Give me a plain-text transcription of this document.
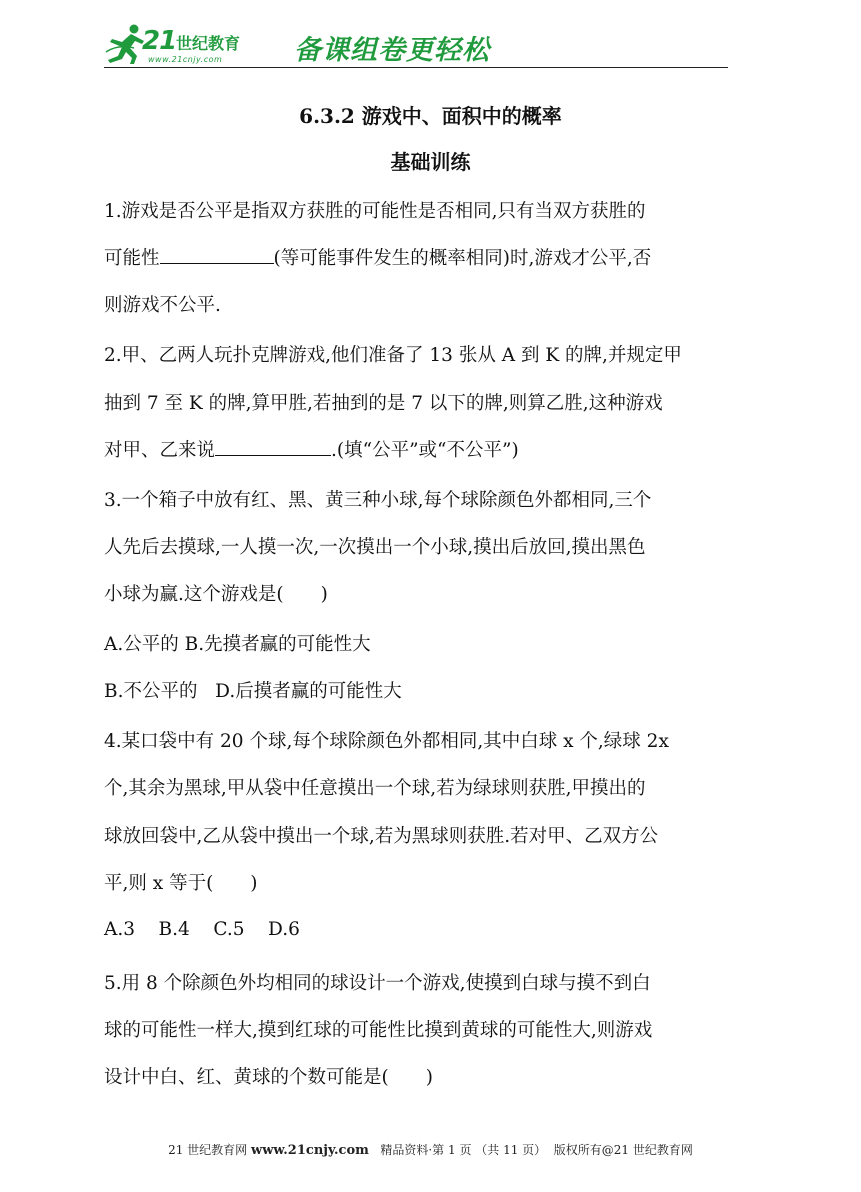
21 世纪教育
www.21cnjy.com	备课组卷更轻松
6.3.2 游戏中、面积中的概率
基础训练
1.游戏是否公平是指双方获胜的可能性是否相同,只有当双方获胜的
可能性	(等可能事件发生的概率相同)时,游戏才公平,否
则游戏不公平.
2.甲、乙两人玩扑克牌游戏,他们准备了 13 张从 A 到 K 的牌,并规定甲
抽到 7 至 K 的牌,算甲胜,若抽到的是 7 以下的牌,则算乙胜,这种游戏
对甲、乙来说	.(填“公平”或“不公平”)
3.一个箱子中放有红、黑、黄三种小球,每个球除颜色外都相同,三个
人先后去摸球,一人摸一次,一次摸出一个小球,摸出后放回,摸出黑色
小球为赢.这个游戏是(　　)
A.公平的 B.先摸者赢的可能性大
B.不公平的 D.后摸者赢的可能性大
4.某口袋中有 20 个球,每个球除颜色外都相同,其中白球 x 个,绿球 2x
个,其余为黑球,甲从袋中任意摸出一个球,若为绿球则获胜,甲摸出的
球放回袋中,乙从袋中摸出一个球,若为黑球则获胜.若对甲、乙双方公
平,则 x 等于(　　)
A.3 B.4 C.5 D.6
5.用 8 个除颜色外均相同的球设计一个游戏,使摸到白球与摸不到白
球的可能性一样大,摸到红球的可能性比摸到黄球的可能性大,则游戏
设计中白、红、黄球的个数可能是(　　)
21 世纪教育网 www.21cnjy.com 精品资料·第 1 页 （共 11 页） 版权所有@21 世纪教育网
